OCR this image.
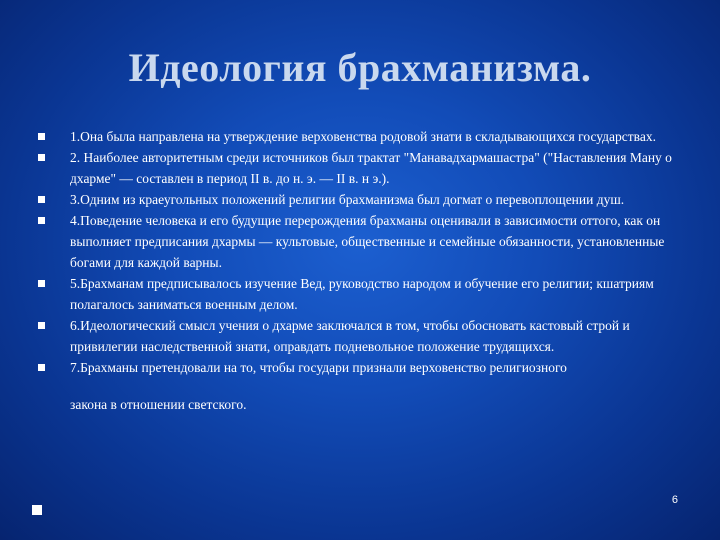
Идеология брахманизма.
1.Она была направлена на утверждение верховенства родовой знати в складывающихся государствах.
2. Наиболее авторитетным среди источников был трактат "Манавадхармашастра" ("Наставления Ману о дхарме" — составлен в период II в. до н. э. — II в. н э.).
3.Одним из краеугольных положений религии брахманизма был догмат о перевоплощении душ.
4.Поведение человека и его будущие перерождения брахманы оценивали в зависимости оттого, как он выполняет предписания дхармы — культовые, общественные и семейные обязанности, установленные богами для каждой варны.
5.Брахманам предписывалось изучение Вед, руководство народом и обучение его религии; кшатриям полагалось заниматься военным делом.
6.Идеологический смысл учения о дхарме заключался в том, чтобы обосновать кастовый строй и привилегии наследственной знати, оправдать подневольное положение трудящихся.
7.Брахманы претендовали на то, чтобы государи признали верховенство религиозного
закона в отношении светского.
6
